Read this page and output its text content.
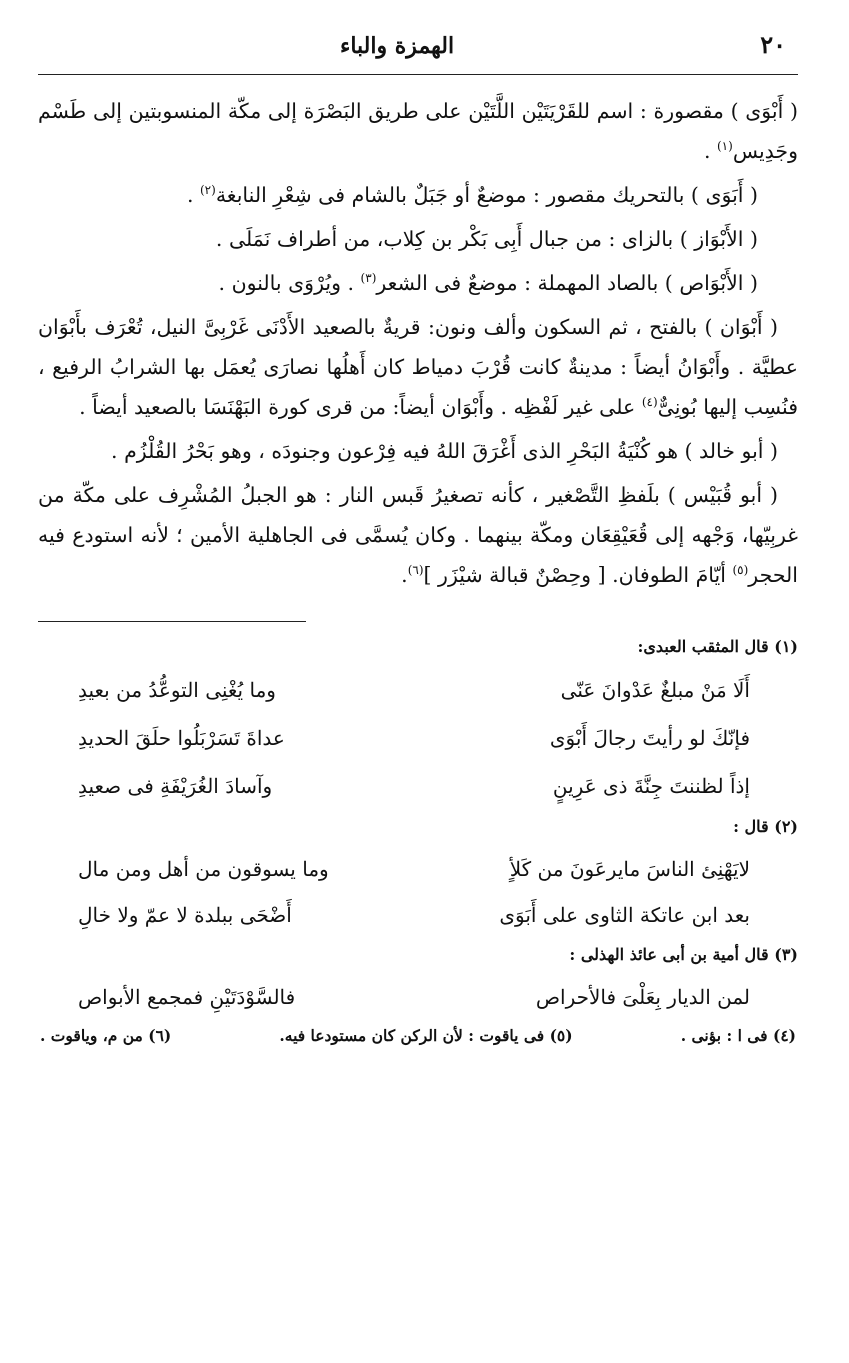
٢٠
الهمزة والباء

( أَبْوَى ) مقصورة : اسم للقَرْيَتَيْن اللَّتَيْن على طريق البَصْرَة إلى مكّة المنسوبتين إلى طَسْم وجَدِيس$^{(١)}$ .

( أَبَوَى ) بالتحريك مقصور : موضعٌ أو جَبَلٌ بالشام فى شِعْرِ النابغة$^{(٢)}$ .

( الأَبْوَاز ) بالزاى : من جبال أَبِى بَكْر بن كِلاب، من أطراف نَمَلَى .

( الأَبْوَاص ) بالصاد المهملة : موضعٌ فى الشعر$^{(٣)}$ . ويُرْوَى بالنون .

( أَبْوَان ) بالفتح ، ثم السكون وألف ونون: قريةٌ بالصعيد الأَدْنَى غَرْبِىَّ النيل، تُعْرَف بأَبْوَان عطيَّة . وأَبْوَانُ أيضاً : مدينةٌ كانت قُرْبَ دمياط كان أَهلُها نصارَى يُعمَل بها الشرابُ الرفيع ، فنُسِب إليها بُونِىٌّ$^{(٤)}$ على غير لَفْظِه . وأَبْوَان أيضاً: من قرى كورة البَهْنَسَا بالصعيد أيضاً .

( أبو خالد ) هو كُنْيَةُ البَحْرِ الذى أَغْرَقَ اللهُ فيه فِرْعون وجنودَه ، وهو بَحْرُ القُلْزُم .

( أبو قُبَيْس ) بلَفظِ التَّصْغير ، كأنه تصغيرُ قَبس النار : هو الجبلُ المُشْرِف على مكّة من غربِيّها، وَجْهه إلى قُعَيْقِعَان ومكّة بينهما . وكان يُسمَّى فى الجاهلية الأمين ؛ لأنه استودع فيه الحجر$^{(٥)}$ أيّامَ الطوفان. [ وحِصْنٌ قبالة شيْزَر ]$^{(٦)}$.

(١) قال المثقب العبدى:
أَلَا مَنْ مبلغٌ عَدْوانَ عَنّى
وما يُغْنِى التوعُّدُ من بعيدِ
فإنّكَ لو رأيتَ رجالَ أَبْوَى
عداةَ تَسَرْبَلُوا حلَقَ الحديدِ
إذاً لظننتَ جِنَّةَ ذى عَرِينٍ
وآسادَ الغُرَيْفَةِ فى صعيدِ
(٢) قال :
لايَهْنِئ الناسَ مايرعَونَ من كَلأٍ
وما يسوقون من أهل ومن مال
بعد ابن عاتكة الثاوى على أَبَوَى
أَضْحَى ببلدة لا عمّ ولا خالِ
(٣) قال أمية بن أبى عائذ الهذلى :
لمن الديار بِعَلْىَ فالأحراص
فالسَّوْدَتَيْنِ فمجمع الأبواص
(٤) فى ا : بؤنى .
(٥) فى ياقوت : لأن الركن كان مستودعا فيه.
(٦) من م، وياقوت .
